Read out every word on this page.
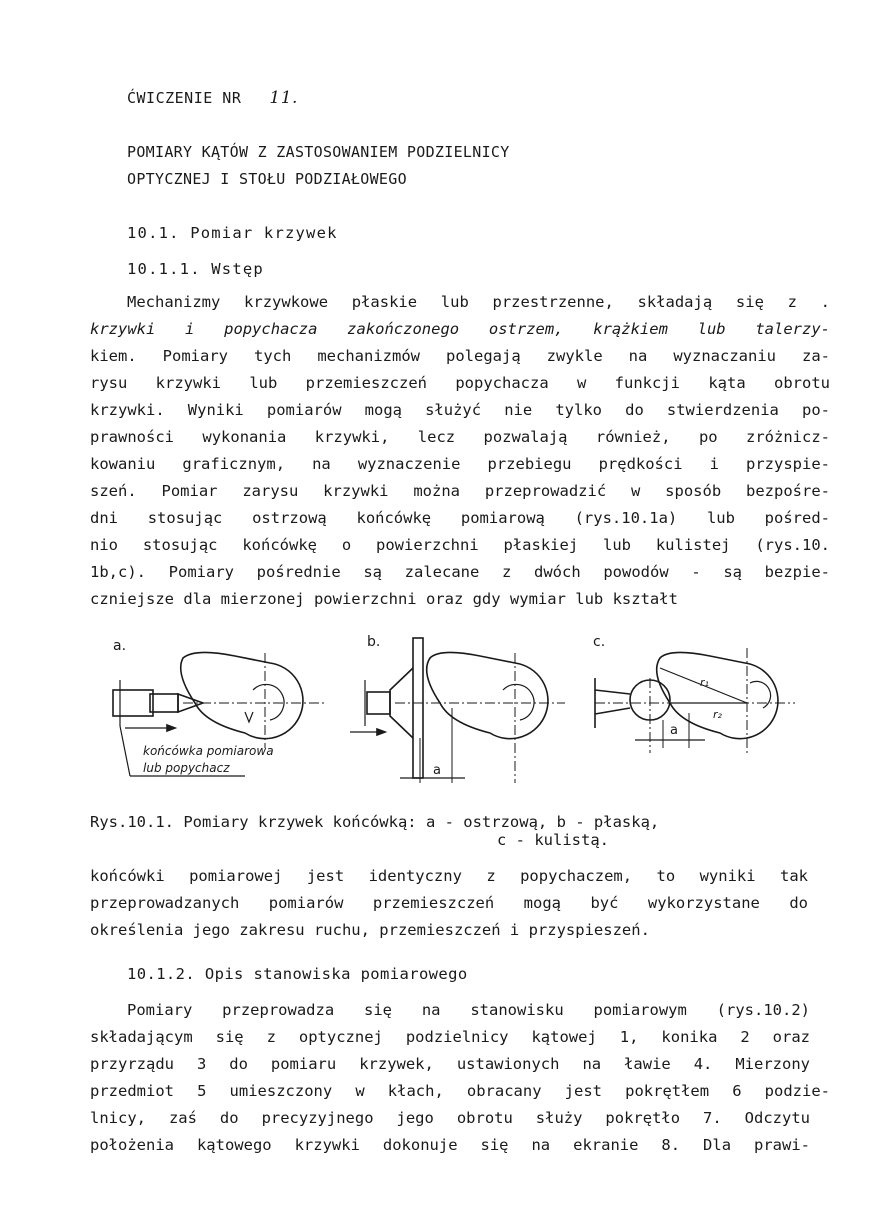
ĆWICZENIE NR 11.
POMIARY KĄTÓW Z ZASTOSOWANIEM PODZIELNICY
OPTYCZNEJ I STOŁU PODZIAŁOWEGO
10.1. Pomiar krzywek
10.1.1. Wstęp
Mechanizmy krzywkowe płaskie lub przestrzenne, składają się z .
krzywki i popychacza zakończonego ostrzem, krążkiem lub talerzy-
kiem. Pomiary tych mechanizmów polegają zwykle na wyznaczaniu za-
rysu krzywki lub przemieszczeń popychacza w funkcji kąta obrotu
krzywki. Wyniki pomiarów mogą służyć nie tylko do stwierdzenia po-
prawności wykonania krzywki, lecz pozwalają również, po zróżnicz-
kowaniu graficznym, na wyznaczenie przebiegu prędkości i przyspie-
szeń. Pomiar zarysu krzywki można przeprowadzić w sposób bezpośre-
dni stosując ostrzową końcówkę pomiarową (rys.10.1a) lub pośred-
nio stosując końcówkę o powierzchni płaskiej lub kulistej (rys.10.
1b,c). Pomiary pośrednie są zalecane z dwóch powodów - są bezpie-
czniejsze dla mierzonej powierzchni oraz gdy wymiar lub kształt
a.	b.	c.
końcówka pomiarowa
lub popychacz	a
r₁
r₂
a
Rys.10.1. Pomiary krzywek końcówką: a - ostrzową, b - płaską,
c - kulistą.
końcówki pomiarowej jest identyczny z popychaczem, to wyniki tak
przeprowadzanych pomiarów przemieszczeń mogą być wykorzystane do
określenia jego zakresu ruchu, przemieszczeń i przyspieszeń.
10.1.2. Opis stanowiska pomiarowego
Pomiary przeprowadza się na stanowisku pomiarowym (rys.10.2)
składającym się z optycznej podzielnicy kątowej 1, konika 2 oraz
przyrządu 3 do pomiaru krzywek, ustawionych na ławie 4. Mierzony
przedmiot 5 umieszczony w kłach, obracany jest pokrętłem 6 podzie-
lnicy, zaś do precyzyjnego jego obrotu służy pokrętło 7. Odczytu
położenia kątowego krzywki dokonuje się na ekranie 8. Dla prawi-
